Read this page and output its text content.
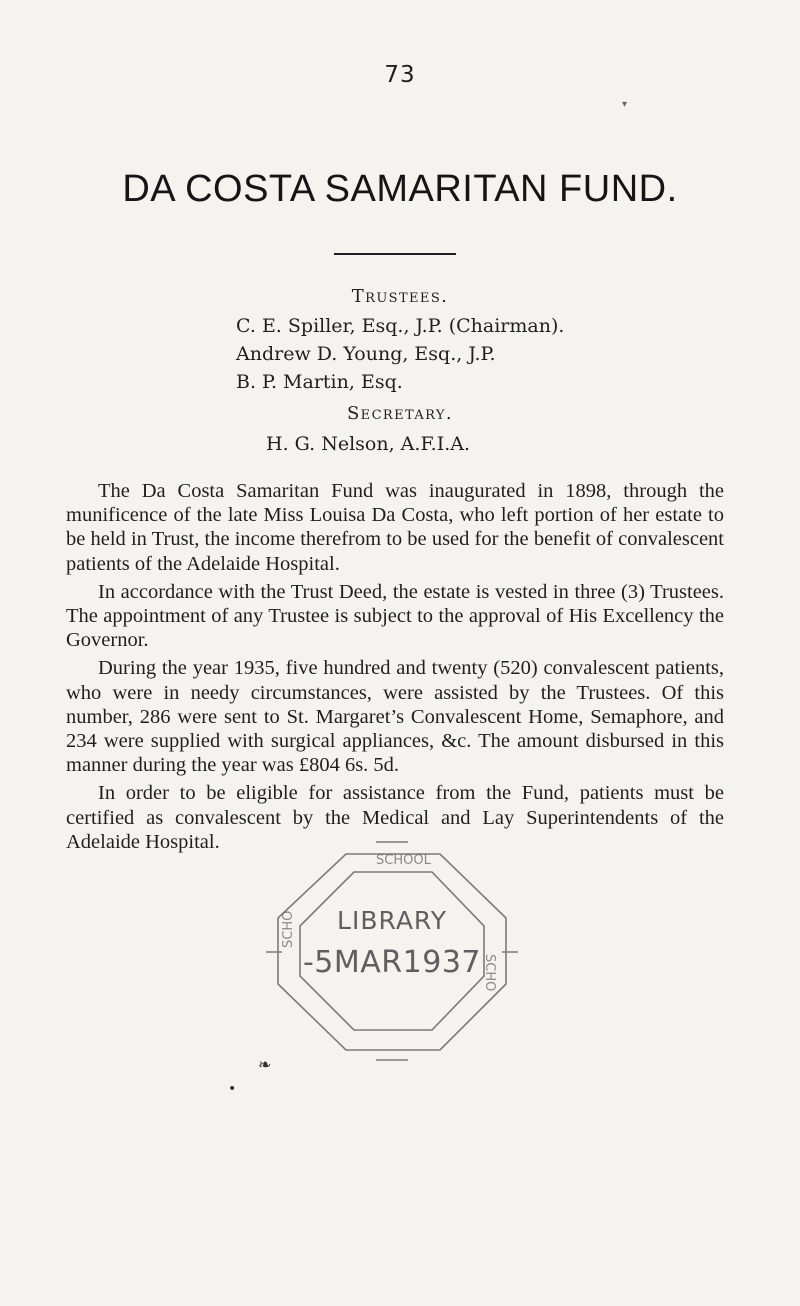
73
▾
DA COSTA SAMARITAN FUND.
Trustees.
C. E. Spiller, Esq., J.P. (Chairman).
Andrew D. Young, Esq., J.P.
B. P. Martin, Esq.
Secretary.
H. G. Nelson, A.F.I.A.

The Da Costa Samaritan Fund was inaugurated in 1898, through the munificence of the late Miss Louisa Da Costa, who left portion of her estate to be held in Trust, the income therefrom to be used for the benefit of convalescent patients of the Adelaide Hospital.

In accordance with the Trust Deed, the estate is vested in three (3) Trustees. The appointment of any Trustee is subject to the approval of His Excellency the Governor.

During the year 1935, five hundred and twenty (520) convalescent patients, who were in needy circumstances, were assisted by the Trustees. Of this number, 286 were sent to St. Margaret’s Convalescent Home, Semaphore, and 234 were supplied with surgical appliances, &c. The amount disbursed in this manner during the year was £804 6s. 5d.

In order to be eligible for assistance from the Fund, patients must be certified as convalescent by the Medical and Lay Superintendents of the Adelaide Hospital.

SCHOOL
SCHO
SCHO
LIBRARY
-5MAR1937
❧
•
